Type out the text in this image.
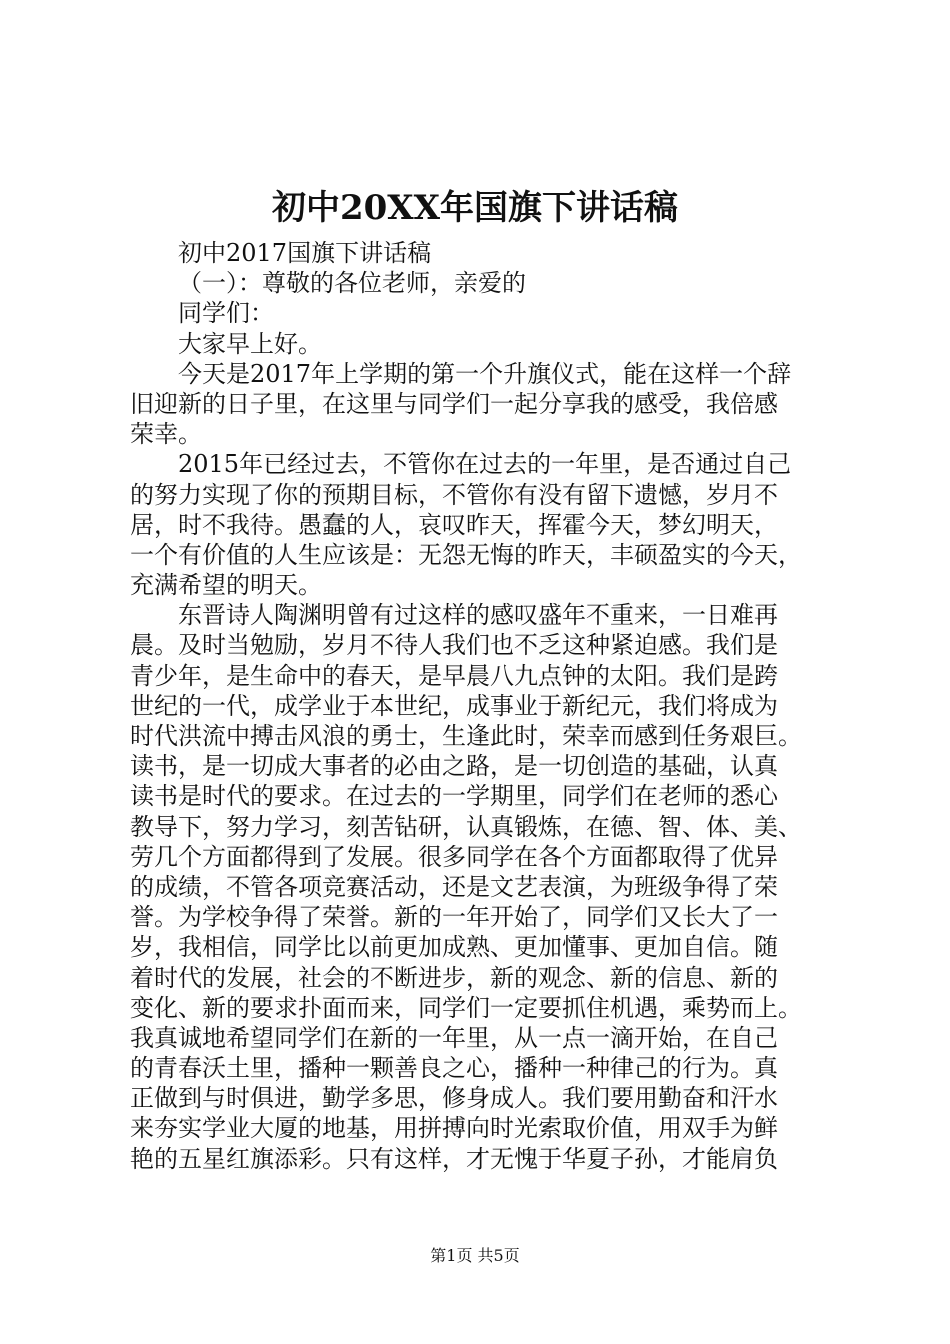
初中20XX年国旗下讲话稿
初中2017国旗下讲话稿
（一）：尊敬的各位老师，亲爱的
同学们：
大家早上好。
今天是2017年上学期的第一个升旗仪式，能在这样一个辞
旧迎新的日子里，在这里与同学们一起分享我的感受，我倍感
荣幸。
2015年已经过去，不管你在过去的一年里，是否通过自己
的努力实现了你的预期目标，不管你有没有留下遗憾，岁月不
居，时不我待。愚蠢的人，哀叹昨天，挥霍今天，梦幻明天，
一个有价值的人生应该是：无怨无悔的昨天，丰硕盈实的今天，
充满希望的明天。
东晋诗人陶渊明曾有过这样的感叹盛年不重来，一日难再
晨。及时当勉励，岁月不待人我们也不乏这种紧迫感。我们是
青少年，是生命中的春天，是早晨八九点钟的太阳。我们是跨
世纪的一代，成学业于本世纪，成事业于新纪元，我们将成为
时代洪流中搏击风浪的勇士，生逢此时，荣幸而感到任务艰巨。
读书，是一切成大事者的必由之路，是一切创造的基础，认真
读书是时代的要求。在过去的一学期里，同学们在老师的悉心
教导下，努力学习，刻苦钻研，认真锻炼，在德、智、体、美、
劳几个方面都得到了发展。很多同学在各个方面都取得了优异
的成绩，不管各项竞赛活动，还是文艺表演，为班级争得了荣
誉。为学校争得了荣誉。新的一年开始了，同学们又长大了一
岁，我相信，同学比以前更加成熟、更加懂事、更加自信。随
着时代的发展，社会的不断进步，新的观念、新的信息、新的
变化、新的要求扑面而来，同学们一定要抓住机遇，乘势而上。
我真诚地希望同学们在新的一年里，从一点一滴开始，在自己
的青春沃土里，播种一颗善良之心，播种一种律己的行为。真
正做到与时俱进，勤学多思，修身成人。我们要用勤奋和汗水
来夯实学业大厦的地基，用拼搏向时光索取价值，用双手为鲜
艳的五星红旗添彩。只有这样，才无愧于华夏子孙，才能肩负
第1页 共5页
